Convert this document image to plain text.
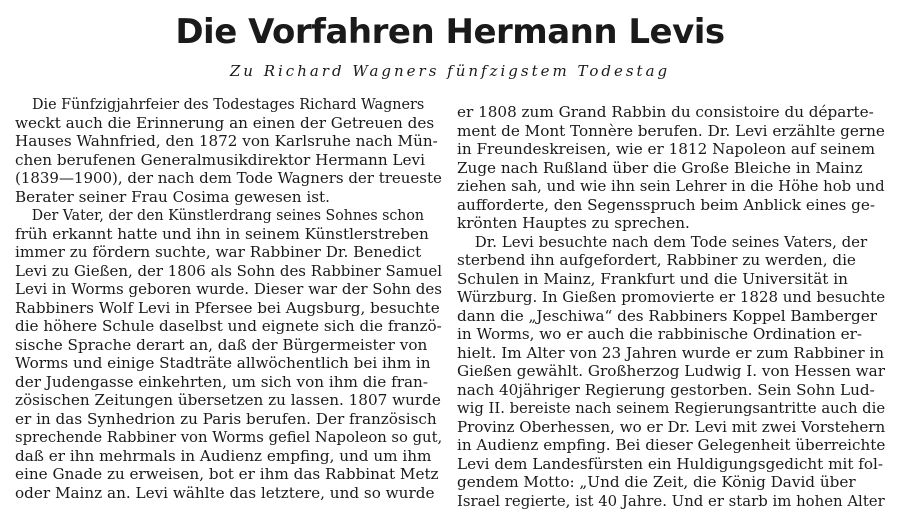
Die Vorfahren Hermann Levis
Zu Richard Wagners fünfzigstem Todestag
Die Fünfzigjahrfeier des Todestages Richard Wagners
weckt auch die Erinnerung an einen der Getreuen des
Hauses Wahnfried, den 1872 von Karlsruhe nach Mün-
chen berufenen Generalmusikdirektor Hermann Levi
(1839—1900), der nach dem Tode Wagners der treueste
Berater seiner Frau Cosima gewesen ist.
Der Vater, der den Künstlerdrang seines Sohnes schon
früh erkannt hatte und ihn in seinem Künstlerstreben
immer zu fördern suchte, war Rabbiner Dr. Benedict
Levi zu Gießen, der 1806 als Sohn des Rabbiner Samuel
Levi in Worms geboren wurde. Dieser war der Sohn des
Rabbiners Wolf Levi in Pfersee bei Augsburg, besuchte
die höhere Schule daselbst und eignete sich die franzö-
sische Sprache derart an, daß der Bürgermeister von
Worms und einige Stadträte allwöchentlich bei ihm in
der Judengasse einkehrten, um sich von ihm die fran-
zösischen Zeitungen übersetzen zu lassen. 1807 wurde
er in das Synhedrion zu Paris berufen. Der französisch
sprechende Rabbiner von Worms gefiel Napoleon so gut,
daß er ihn mehrmals in Audienz empfing, und um ihm
eine Gnade zu erweisen, bot er ihm das Rabbinat Metz
oder Mainz an. Levi wählte das letztere, und so wurde
er 1808 zum Grand Rabbin du consistoire du départe-
ment de Mont Tonnère berufen. Dr. Levi erzählte gerne
in Freundeskreisen, wie er 1812 Napoleon auf seinem
Zuge nach Rußland über die Große Bleiche in Mainz
ziehen sah, und wie ihn sein Lehrer in die Höhe hob und
aufforderte, den Segensspruch beim Anblick eines ge-
krönten Hauptes zu sprechen.
Dr. Levi besuchte nach dem Tode seines Vaters, der
sterbend ihn aufgefordert, Rabbiner zu werden, die
Schulen in Mainz, Frankfurt und die Universität in
Würzburg. In Gießen promovierte er 1828 und besuchte
dann die „Jeschiwa“ des Rabbiners Koppel Bamberger
in Worms, wo er auch die rabbinische Ordination er-
hielt. Im Alter von 23 Jahren wurde er zum Rabbiner in
Gießen gewählt. Großherzog Ludwig I. von Hessen war
nach 40jähriger Regierung gestorben. Sein Sohn Lud-
wig II. bereiste nach seinem Regierungsantritte auch die
Provinz Oberhessen, wo er Dr. Levi mit zwei Vorstehern
in Audienz empfing. Bei dieser Gelegenheit überreichte
Levi dem Landesfürsten ein Huldigungsgedicht mit fol-
gendem Motto: „Und die Zeit, die König David über
Israel regierte, ist 40 Jahre. Und er starb im hohen Alter
